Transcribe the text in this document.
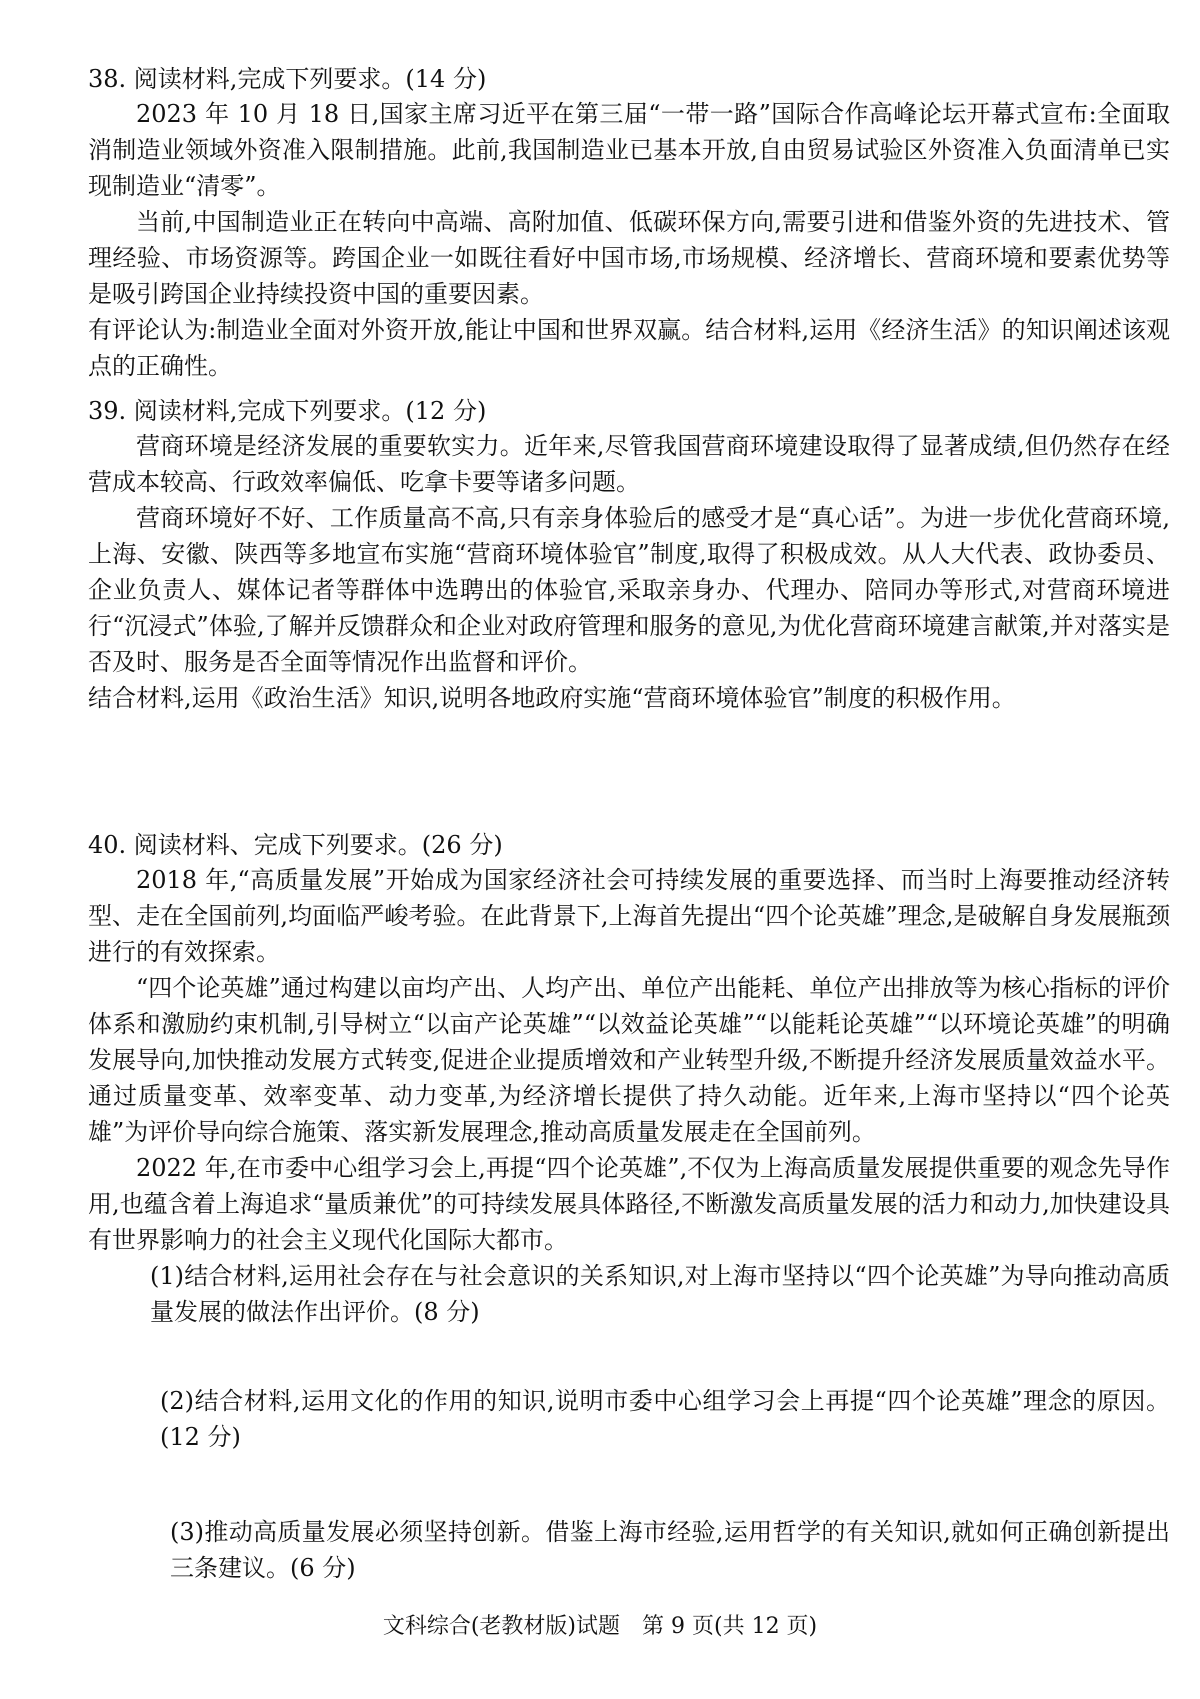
38. 阅读材料,完成下列要求。(14 分)

2023 年 10 月 18 日,国家主席习近平在第三届“一带一路”国际合作高峰论坛开幕式宣布:全面取消制造业领域外资准入限制措施。此前,我国制造业已基本开放,自由贸易试验区外资准入负面清单已实现制造业“清零”。

当前,中国制造业正在转向中高端、高附加值、低碳环保方向,需要引进和借鉴外资的先进技术、管理经验、市场资源等。跨国企业一如既往看好中国市场,市场规模、经济增长、营商环境和要素优势等是吸引跨国企业持续投资中国的重要因素。

有评论认为:制造业全面对外资开放,能让中国和世界双赢。结合材料,运用《经济生活》的知识阐述该观点的正确性。

39. 阅读材料,完成下列要求。(12 分)

营商环境是经济发展的重要软实力。近年来,尽管我国营商环境建设取得了显著成绩,但仍然存在经营成本较高、行政效率偏低、吃拿卡要等诸多问题。

营商环境好不好、工作质量高不高,只有亲身体验后的感受才是“真心话”。为进一步优化营商环境,上海、安徽、陕西等多地宣布实施“营商环境体验官”制度,取得了积极成效。从人大代表、政协委员、企业负责人、媒体记者等群体中选聘出的体验官,采取亲身办、代理办、陪同办等形式,对营商环境进行“沉浸式”体验,了解并反馈群众和企业对政府管理和服务的意见,为优化营商环境建言献策,并对落实是否及时、服务是否全面等情况作出监督和评价。

结合材料,运用《政治生活》知识,说明各地政府实施“营商环境体验官”制度的积极作用。

40. 阅读材料、完成下列要求。(26 分)

2018 年,“高质量发展”开始成为国家经济社会可持续发展的重要选择、而当时上海要推动经济转型、走在全国前列,均面临严峻考验。在此背景下,上海首先提出“四个论英雄”理念,是破解自身发展瓶颈进行的有效探索。

“四个论英雄”通过构建以亩均产出、人均产出、单位产出能耗、单位产出排放等为核心指标的评价体系和激励约束机制,引导树立“以亩产论英雄”“以效益论英雄”“以能耗论英雄”“以环境论英雄”的明确发展导向,加快推动发展方式转变,促进企业提质增效和产业转型升级,不断提升经济发展质量效益水平。通过质量变革、效率变革、动力变革,为经济增长提供了持久动能。近年来,上海市坚持以“四个论英雄”为评价导向综合施策、落实新发展理念,推动高质量发展走在全国前列。

2022 年,在市委中心组学习会上,再提“四个论英雄”,不仅为上海高质量发展提供重要的观念先导作用,也蕴含着上海追求“量质兼优”的可持续发展具体路径,不断激发高质量发展的活力和动力,加快建设具有世界影响力的社会主义现代化国际大都市。

(1)结合材料,运用社会存在与社会意识的关系知识,对上海市坚持以“四个论英雄”为导向推动高质量发展的做法作出评价。(8 分)

(2)结合材料,运用文化的作用的知识,说明市委中心组学习会上再提“四个论英雄”理念的原因。(12 分)

(3)推动高质量发展必须坚持创新。借鉴上海市经验,运用哲学的有关知识,就如何正确创新提出三条建议。(6 分)

文科综合(老教材版)试题　第 9 页(共 12 页)
